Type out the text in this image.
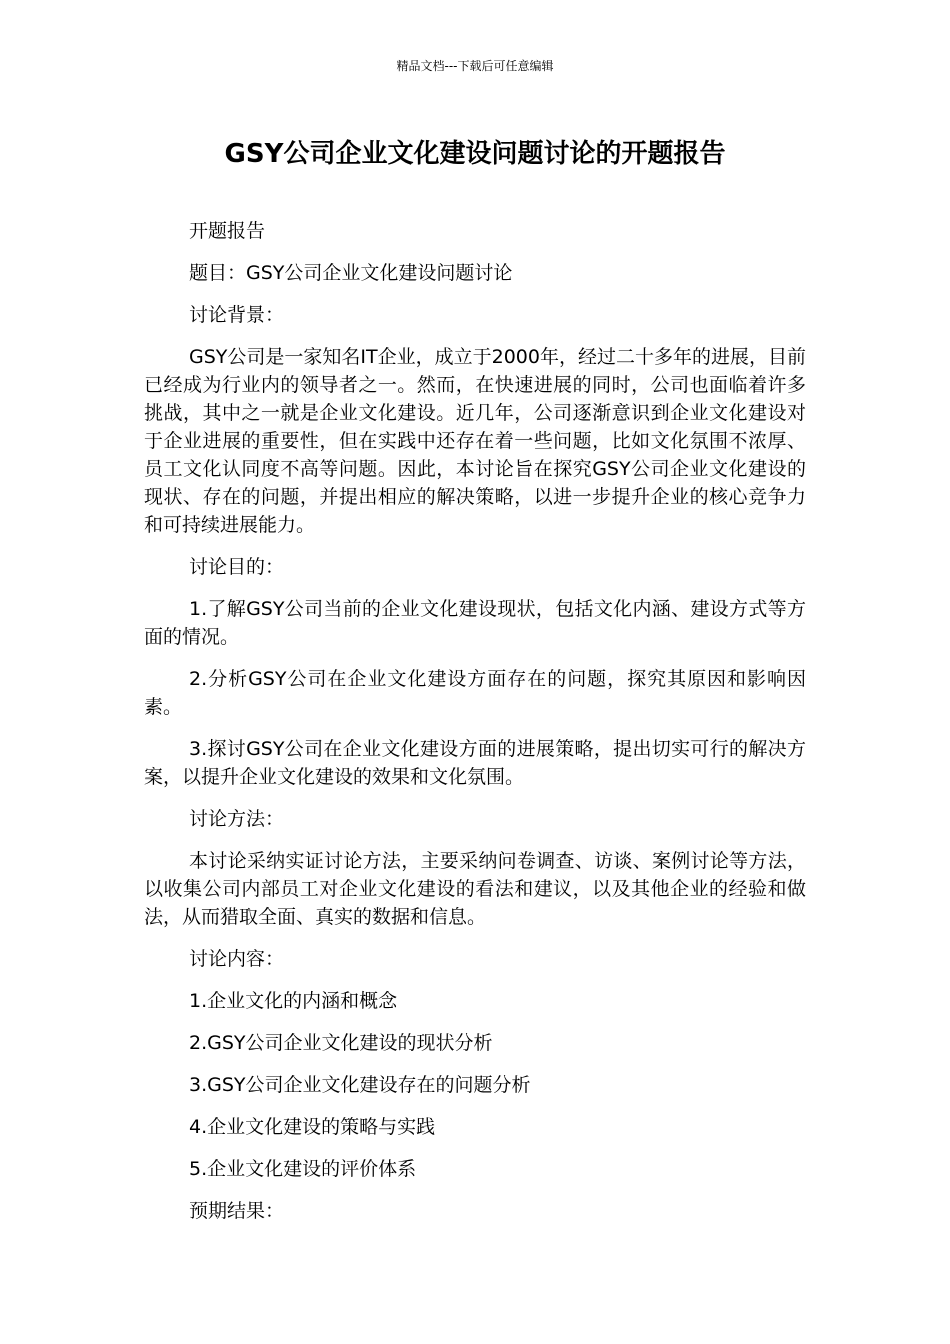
精品文档---下载后可任意编辑
GSY公司企业文化建设问题讨论的开题报告

开题报告

题目：GSY公司企业文化建设问题讨论

讨论背景：

GSY公司是一家知名IT企业，成立于2000年，经过二十多年的进展，目前已经成为行业内的领导者之一。然而，在快速进展的同时，公司也面临着许多挑战，其中之一就是企业文化建设。近几年，公司逐渐意识到企业文化建设对于企业进展的重要性，但在实践中还存在着一些问题，比如文化氛围不浓厚、员工文化认同度不高等问题。因此，本讨论旨在探究GSY公司企业文化建设的现状、存在的问题，并提出相应的解决策略，以进一步提升企业的核心竞争力和可持续进展能力。

讨论目的：

1.了解GSY公司当前的企业文化建设现状，包括文化内涵、建设方式等方面的情况。

2.分析GSY公司在企业文化建设方面存在的问题，探究其原因和影响因素。

3.探讨GSY公司在企业文化建设方面的进展策略，提出切实可行的解决方案，以提升企业文化建设的效果和文化氛围。

讨论方法：

本讨论采纳实证讨论方法，主要采纳问卷调查、访谈、案例讨论等方法，以收集公司内部员工对企业文化建设的看法和建议，以及其他企业的经验和做法，从而猎取全面、真实的数据和信息。

讨论内容：

1.企业文化的内涵和概念

2.GSY公司企业文化建设的现状分析

3.GSY公司企业文化建设存在的问题分析

4.企业文化建设的策略与实践

5.企业文化建设的评价体系

预期结果：
